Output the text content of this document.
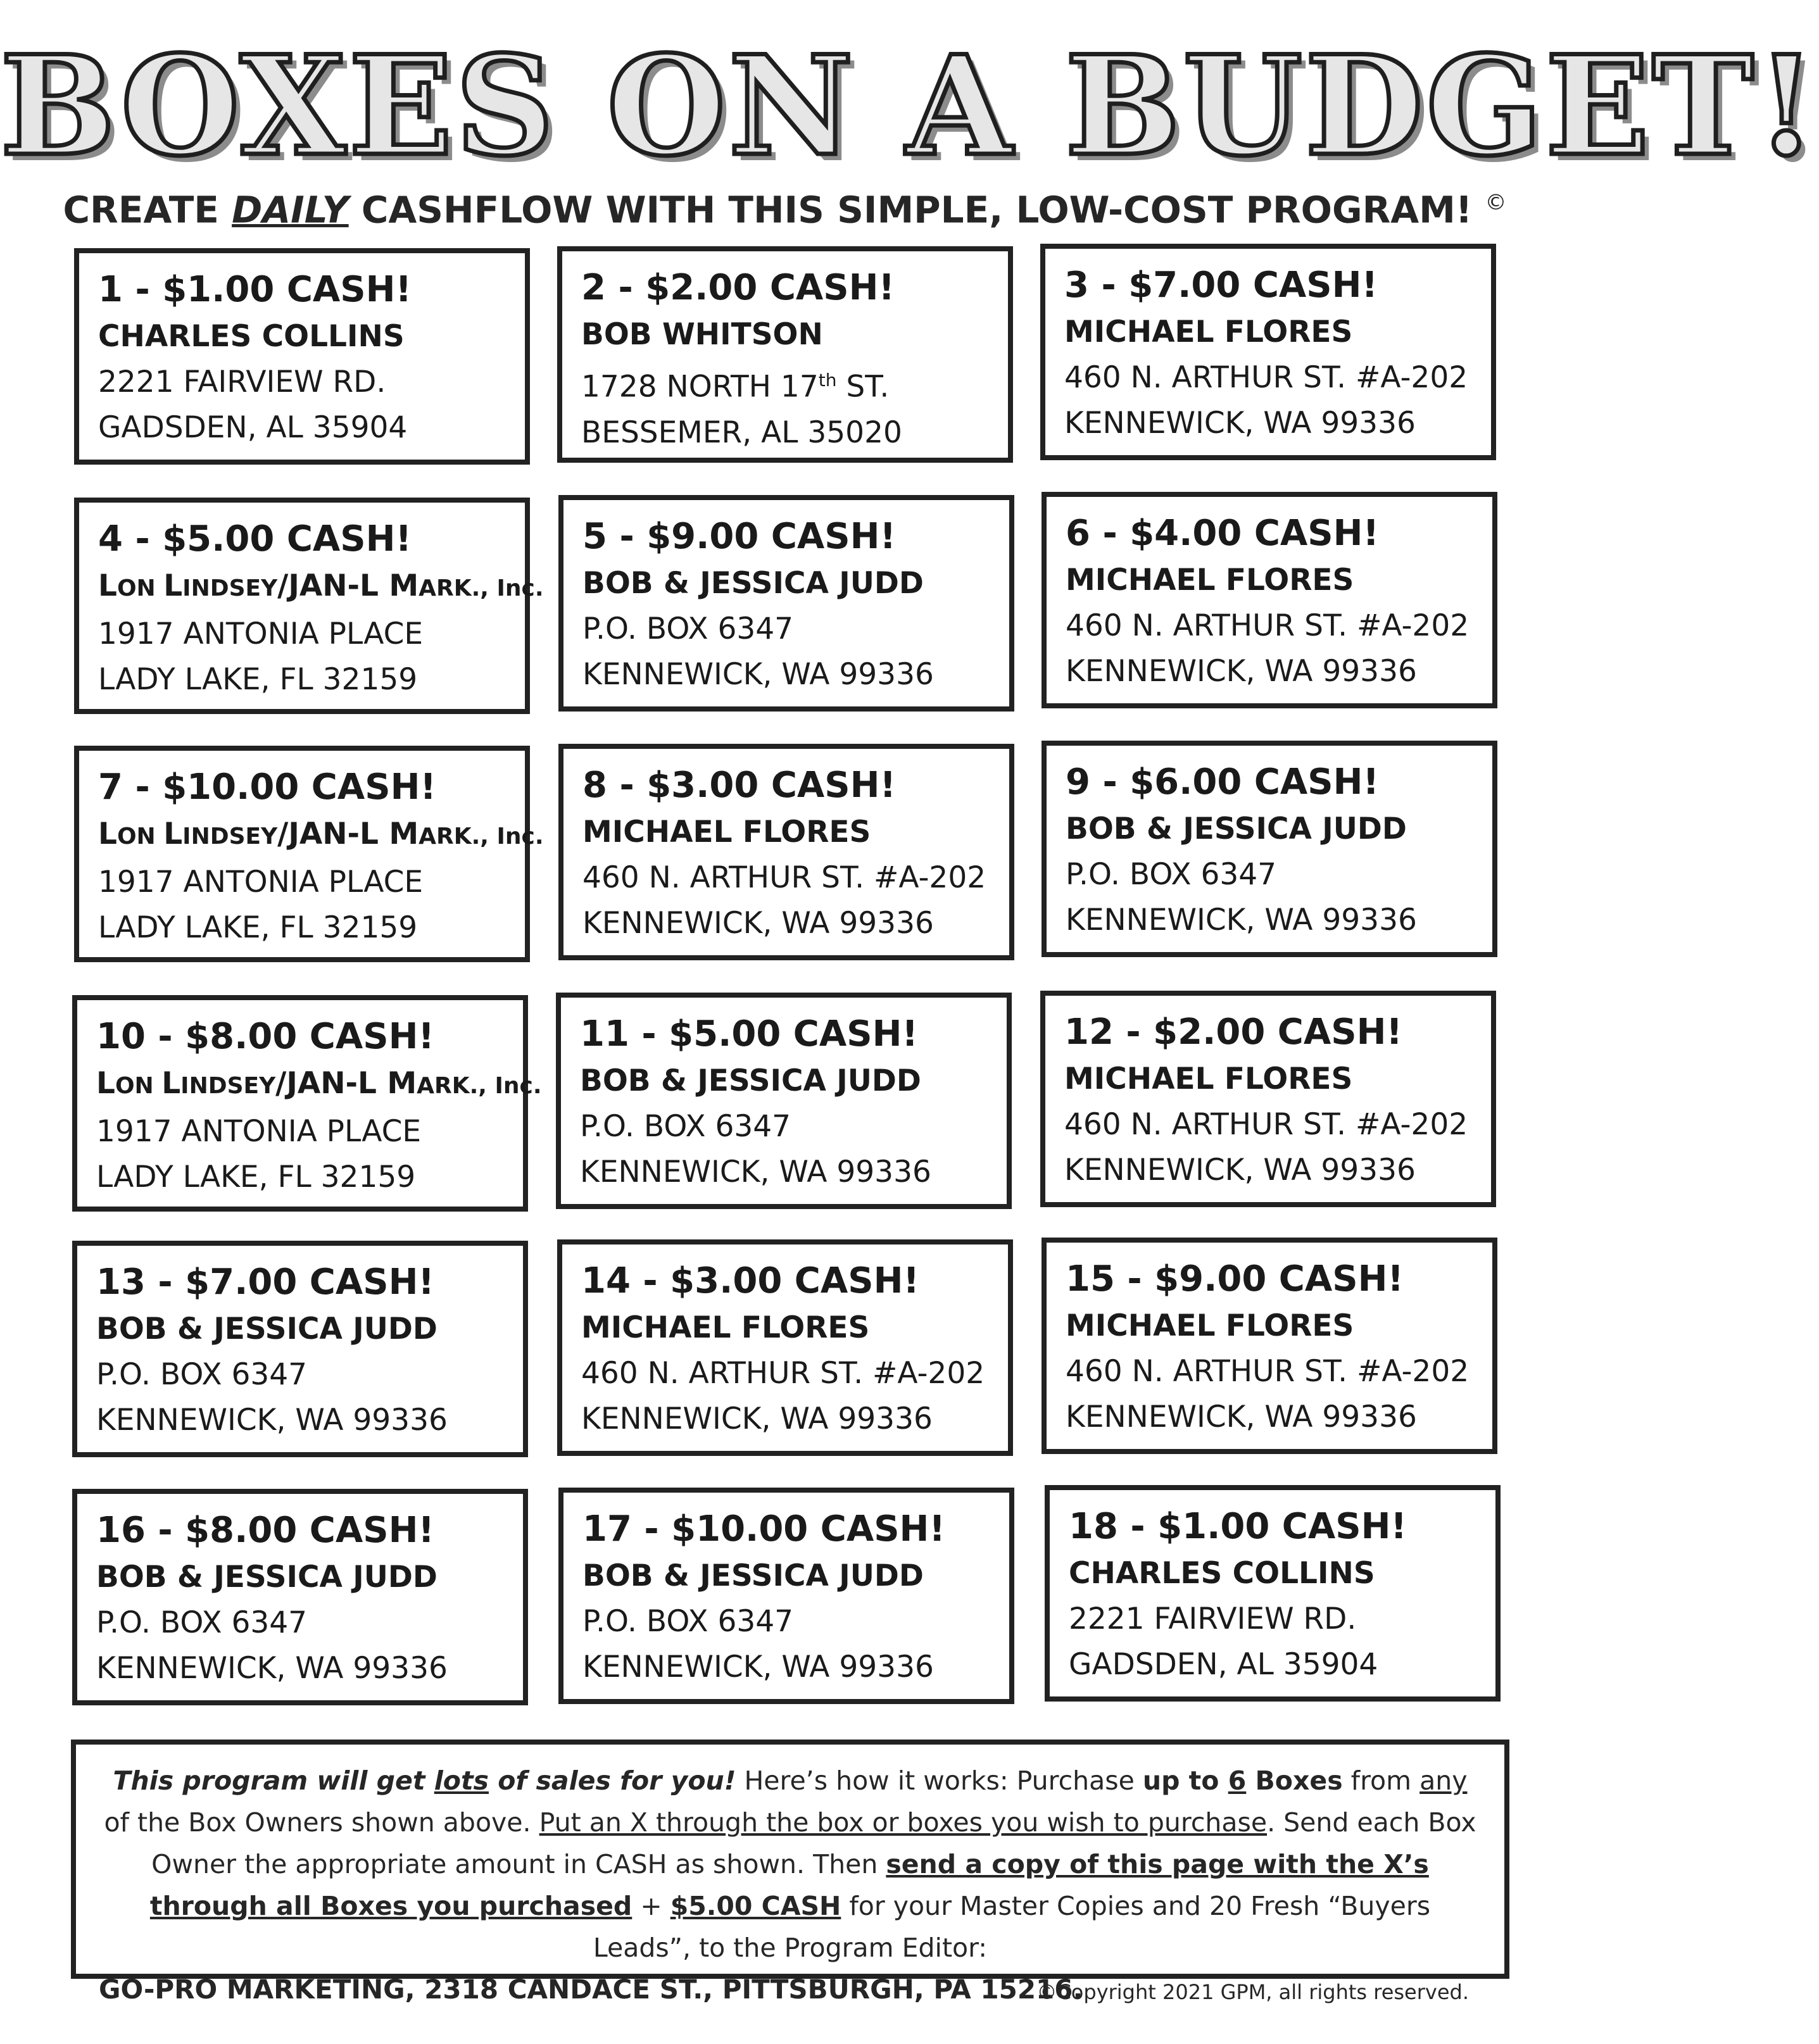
BOXES ON A BUDGET!
CREATE DAILY CASHFLOW WITH THIS SIMPLE, LOW-COST PROGRAM! ©
1 - $1.00 CASH!
CHARLES COLLINS
2221 FAIRVIEW RD.
GADSDEN, AL 35904
2 - $2.00 CASH!
BOB WHITSON
1728 NORTH 17th ST.
BESSEMER, AL 35020
3 - $7.00 CASH!
MICHAEL FLORES
460 N. ARTHUR ST. #A-202
KENNEWICK, WA 99336
4 - $5.00 CASH!
LON LINDSEY/JAN-L MARK., Inc.
1917 ANTONIA PLACE
LADY LAKE, FL 32159
5 - $9.00 CASH!
BOB & JESSICA JUDD
P.O. BOX 6347
KENNEWICK, WA 99336
6 - $4.00 CASH!
MICHAEL FLORES
460 N. ARTHUR ST. #A-202
KENNEWICK, WA 99336
7 - $10.00 CASH!
LON LINDSEY/JAN-L MARK., Inc.
1917 ANTONIA PLACE
LADY LAKE, FL 32159
8 - $3.00 CASH!
MICHAEL FLORES
460 N. ARTHUR ST. #A-202
KENNEWICK, WA 99336
9 - $6.00 CASH!
BOB & JESSICA JUDD
P.O. BOX 6347
KENNEWICK, WA 99336
10 - $8.00 CASH!
LON LINDSEY/JAN-L MARK., Inc.
1917 ANTONIA PLACE
LADY LAKE, FL 32159
11 - $5.00 CASH!
BOB & JESSICA JUDD
P.O. BOX 6347
KENNEWICK, WA 99336
12 - $2.00 CASH!
MICHAEL FLORES
460 N. ARTHUR ST. #A-202
KENNEWICK, WA 99336
13 - $7.00 CASH!
BOB & JESSICA JUDD
P.O. BOX 6347
KENNEWICK, WA 99336
14 - $3.00 CASH!
MICHAEL FLORES
460 N. ARTHUR ST. #A-202
KENNEWICK, WA 99336
15 - $9.00 CASH!
MICHAEL FLORES
460 N. ARTHUR ST. #A-202
KENNEWICK, WA 99336
16 - $8.00 CASH!
BOB & JESSICA JUDD
P.O. BOX 6347
KENNEWICK, WA 99336
17 - $10.00 CASH!
BOB & JESSICA JUDD
P.O. BOX 6347
KENNEWICK, WA 99336
18 - $1.00 CASH!
CHARLES COLLINS
2221 FAIRVIEW RD.
GADSDEN, AL 35904
This program will get lots of sales for you! Here’s how it works: Purchase up to 6 Boxes from any of the Box Owners shown above. Put an X through the box or boxes you wish to purchase. Send each Box Owner the appropriate amount in CASH as shown. Then send a copy of this page with the X’s through all Boxes you purchased + $5.00 CASH for your Master Copies and 20 Fresh “Buyers Leads”, to the Program Editor:
GO-PRO MARKETING, 2318 CANDACE ST., PITTSBURGH, PA 15216.
©Copyright 2021 GPM, all rights reserved.
